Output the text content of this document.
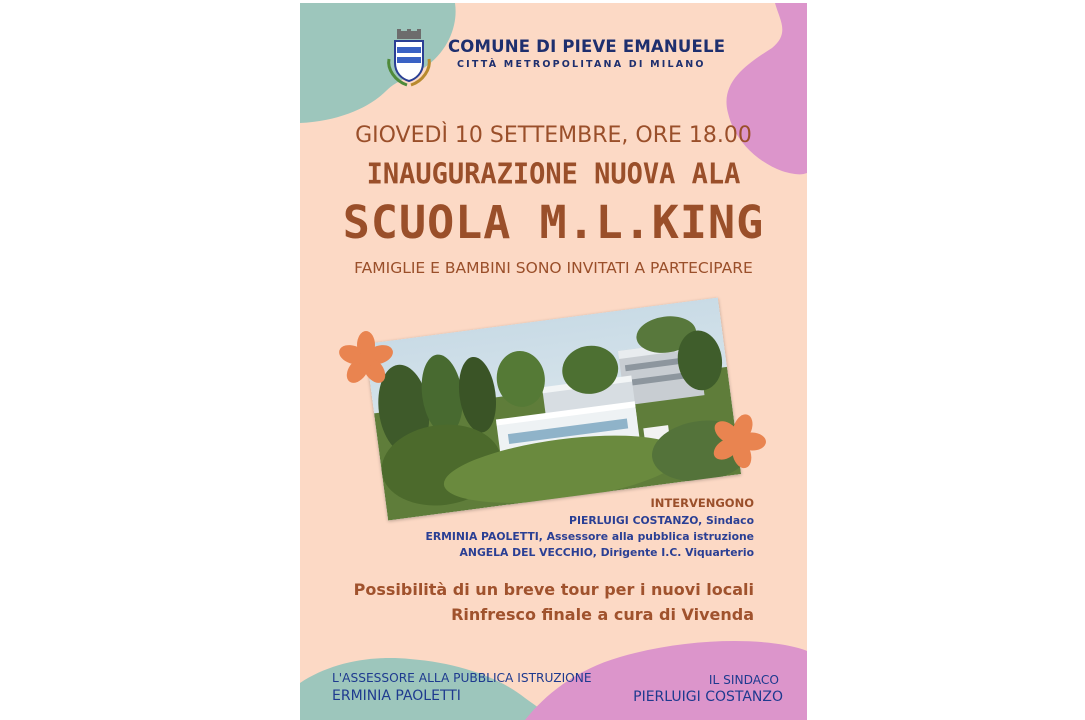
COMUNE DI PIEVE EMANUELE
CITTÀ METROPOLITANA DI MILANO
GIOVEDÌ 10 SETTEMBRE, ORE 18.00
INAUGURAZIONE NUOVA ALA
SCUOLA M.L.KING
FAMIGLIE E BAMBINI SONO INVITATI A PARTECIPARE
INTERVENGONO
PIERLUIGI COSTANZO, Sindaco
ERMINIA PAOLETTI, Assessore alla pubblica istruzione
ANGELA DEL VECCHIO, Dirigente I.C. Viquarterio
Possibilità di un breve tour per i nuovi locali
Rinfresco finale a cura di Vivenda
L'ASSESSORE ALLA PUBBLICA ISTRUZIONE
ERMINIA PAOLETTI
IL SINDACO
PIERLUIGI COSTANZO
